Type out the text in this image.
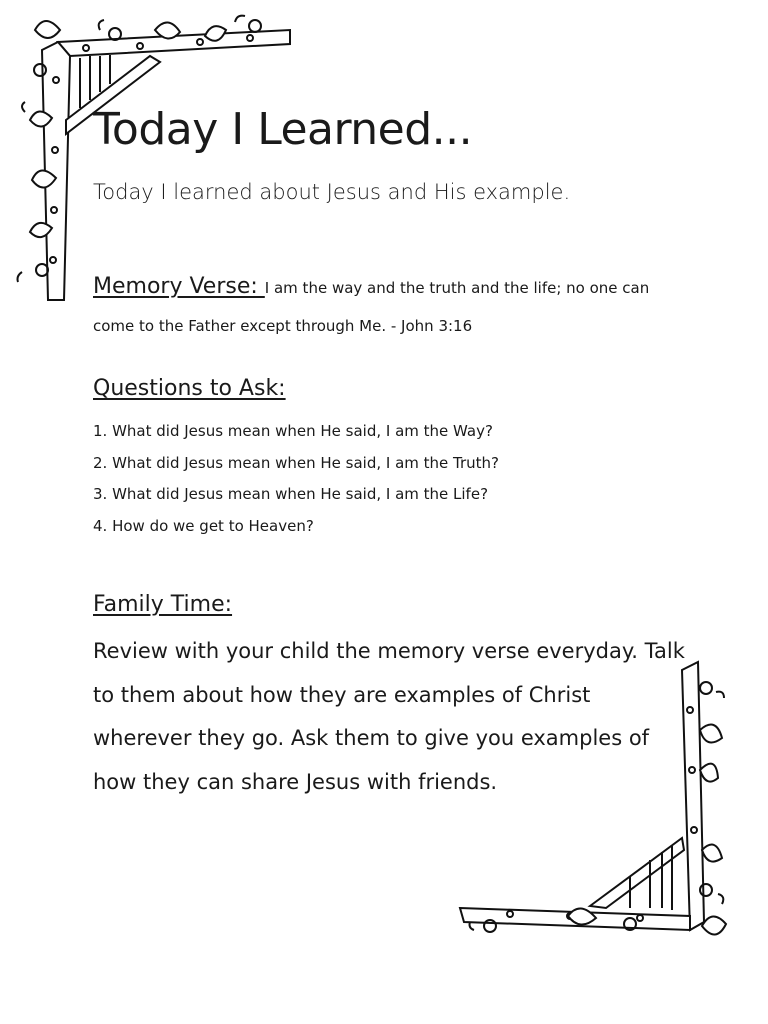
Today I Learned...

Today I learned about Jesus and His example.

Memory Verse: I am the way and the truth and the life; no one can come to the Father except through Me. - John 3:16

Questions to Ask:

1. What did Jesus mean when He said, I am the Way?
2. What did Jesus mean when He said, I am the Truth?
3. What did Jesus mean when He said, I am the Life?
4. How do we get to Heaven?

Family Time:

Review with your child the memory verse everyday. Talk to them about how they are examples of Christ wherever they go. Ask them to give you examples of how they can share Jesus with friends.
